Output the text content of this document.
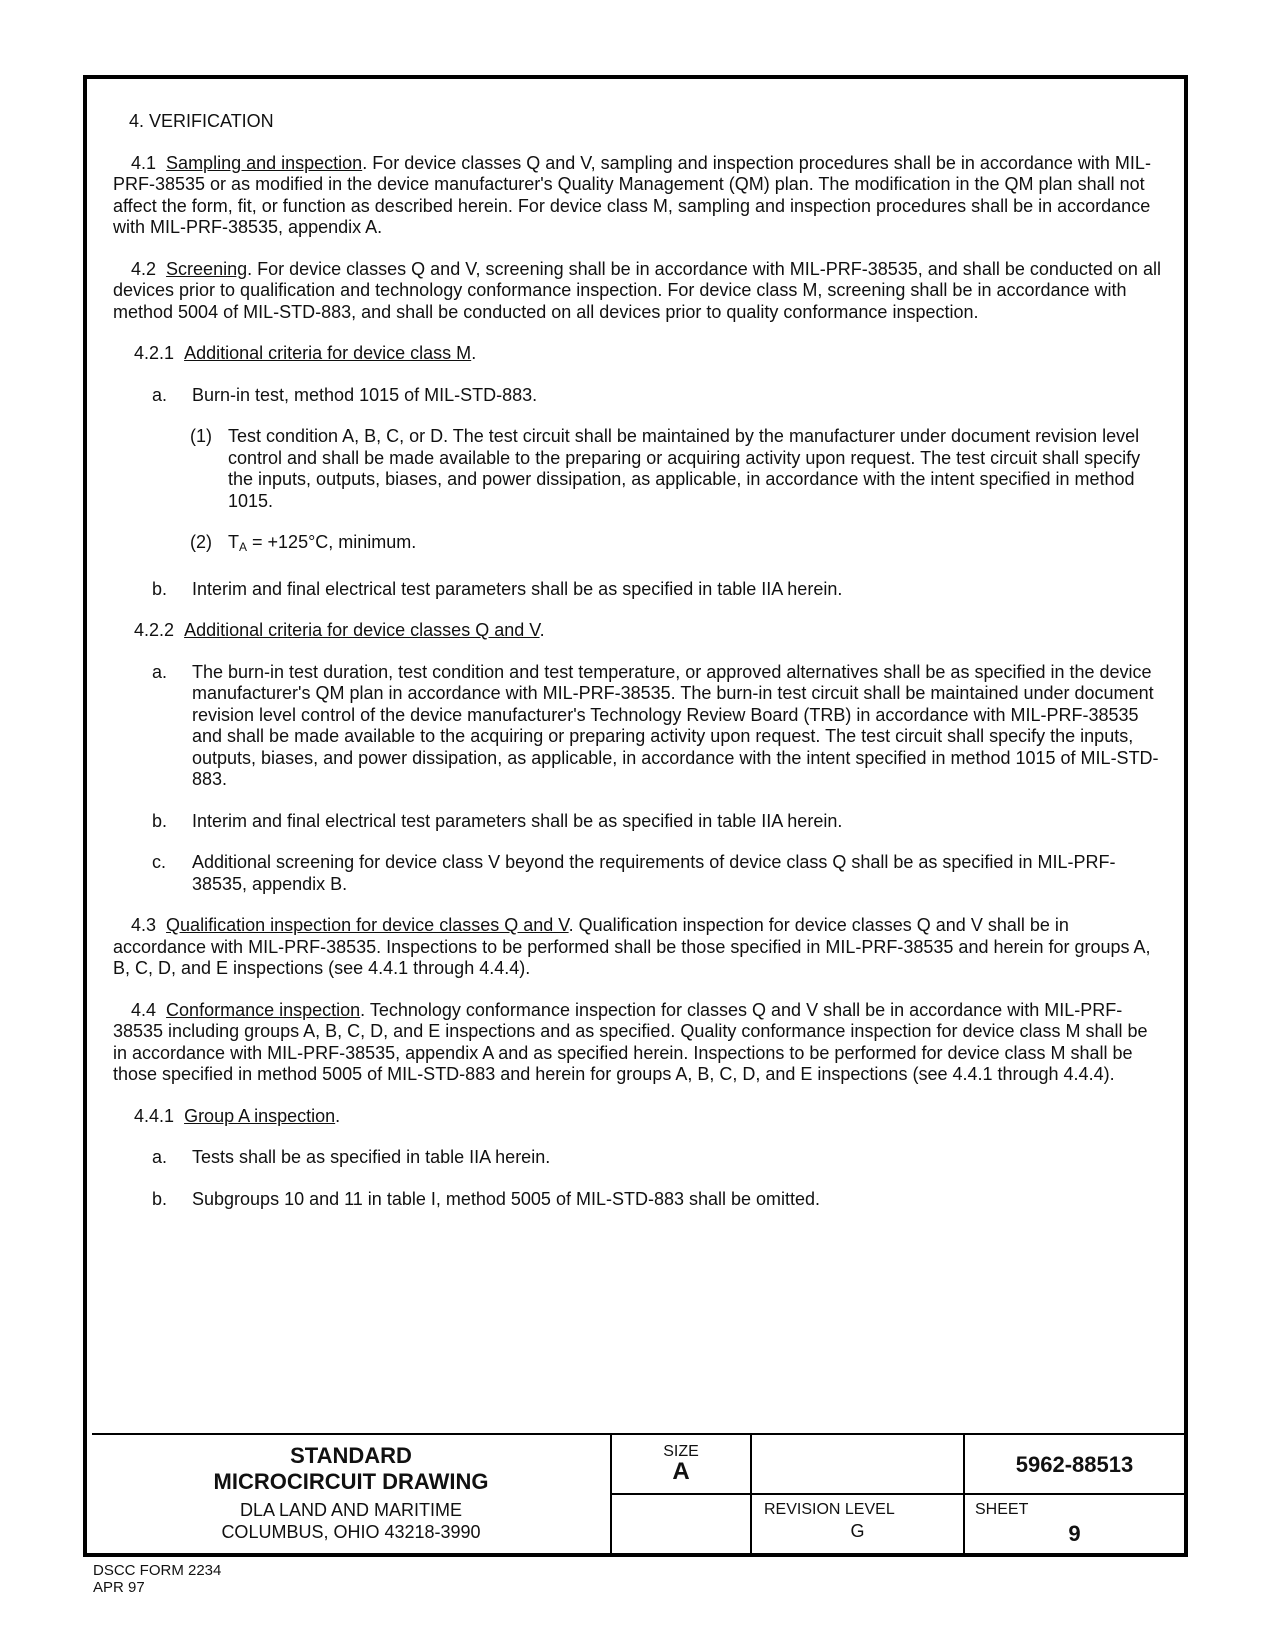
4. VERIFICATION

4.1 Sampling and inspection. For device classes Q and V, sampling and inspection procedures shall be in accordance with MIL-PRF-38535 or as modified in the device manufacturer's Quality Management (QM) plan. The modification in the QM plan shall not affect the form, fit, or function as described herein. For device class M, sampling and inspection procedures shall be in accordance with MIL-PRF-38535, appendix A.

4.2 Screening. For device classes Q and V, screening shall be in accordance with MIL-PRF-38535, and shall be conducted on all devices prior to qualification and technology conformance inspection. For device class M, screening shall be in accordance with method 5004 of MIL-STD-883, and shall be conducted on all devices prior to quality conformance inspection.

4.2.1 Additional criteria for device class M.

a.	Burn-in test, method 1015 of MIL-STD-883.
(1) Test condition A, B, C, or D. The test circuit shall be maintained by the manufacturer under document revision level control and shall be made available to the preparing or acquiring activity upon request. The test circuit shall specify the inputs, outputs, biases, and power dissipation, as applicable, in accordance with the intent specified in method 1015.
(2) TA = +125°C, minimum.
b.	Interim and final electrical test parameters shall be as specified in table IIA herein.

4.2.2 Additional criteria for device classes Q and V.

a.	The burn-in test duration, test condition and test temperature, or approved alternatives shall be as specified in the device manufacturer's QM plan in accordance with MIL-PRF-38535. The burn-in test circuit shall be maintained under document revision level control of the device manufacturer's Technology Review Board (TRB) in accordance with MIL-PRF-38535 and shall be made available to the acquiring or preparing activity upon request. The test circuit shall specify the inputs, outputs, biases, and power dissipation, as applicable, in accordance with the intent specified in method 1015 of MIL-STD-883.
b.	Interim and final electrical test parameters shall be as specified in table IIA herein.
c.	Additional screening for device class V beyond the requirements of device class Q shall be as specified in MIL-PRF-38535, appendix B.

4.3 Qualification inspection for device classes Q and V. Qualification inspection for device classes Q and V shall be in accordance with MIL-PRF-38535. Inspections to be performed shall be those specified in MIL-PRF-38535 and herein for groups A, B, C, D, and E inspections (see 4.4.1 through 4.4.4).

4.4 Conformance inspection. Technology conformance inspection for classes Q and V shall be in accordance with MIL-PRF-38535 including groups A, B, C, D, and E inspections and as specified. Quality conformance inspection for device class M shall be in accordance with MIL-PRF-38535, appendix A and as specified herein. Inspections to be performed for device class M shall be those specified in method 5005 of MIL-STD-883 and herein for groups A, B, C, D, and E inspections (see 4.4.1 through 4.4.4).

4.4.1 Group A inspection.

a.	Tests shall be as specified in table IIA herein.
b.	Subgroups 10 and 11 in table I, method 5005 of MIL-STD-883 shall be omitted.
STANDARD
MICROCIRCUIT DRAWING
DLA LAND AND MARITIME
COLUMBUS, OHIO 43218-3990
SIZE
A	5962-88513
REVISION LEVEL
G
SHEET
9
DSCC FORM 2234
APR 97
